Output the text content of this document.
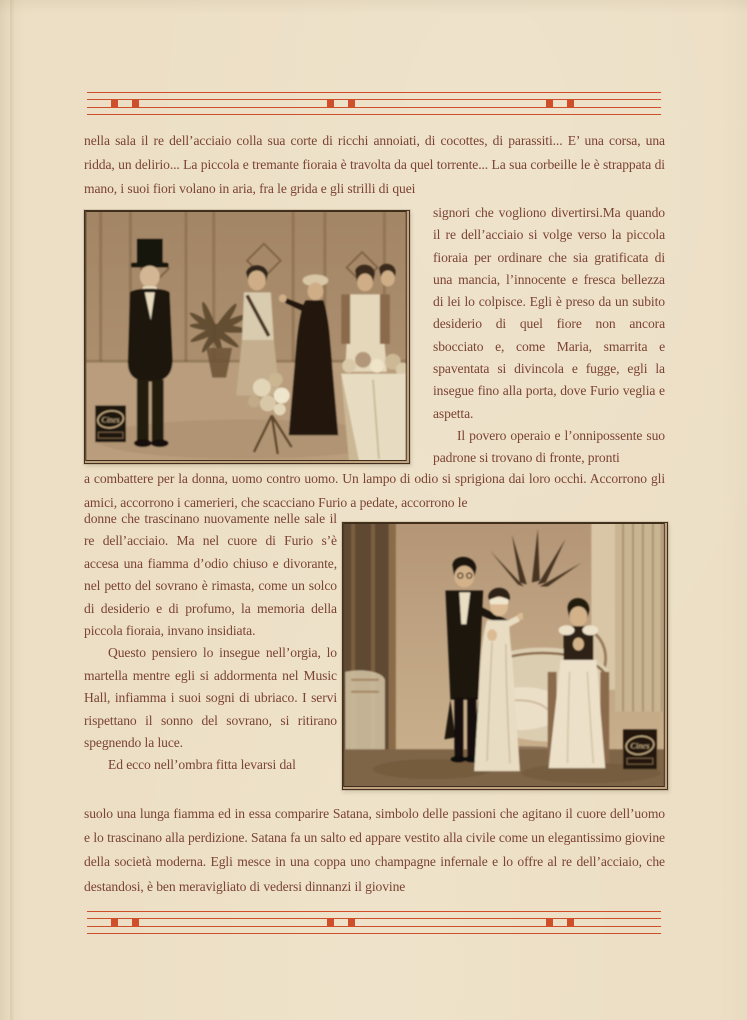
nella sala il re dell’acciaio colla sua corte di ricchi annoiati, di cocottes, di parassiti... E’ una corsa, una ridda, un delirio... La piccola e tremante fioraia è travolta da quel torrente... La sua corbeille le è strappata di mano, i suoi fiori volano in aria, fra le grida e gli strilli di quei

Cines

signori che vogliono divertirsi.Ma quando il re dell’acciaio si volge verso la piccola fioraia per ordinare che sia gratificata di una mancia, l’innocente e fresca bellezza di lei lo colpisce. Egli è preso da un subito desiderio di quel fiore non ancora sbocciato e, come Maria, smarrita e spaventata si divincola e fugge, egli la insegue fino alla porta, dove Furio veglia e aspetta.

Il povero operaio e l’onnipossente suo padrone si trovano di fronte, pronti

a combattere per la donna, uomo contro uomo. Un lampo di odio si sprigiona dai loro occhi. Accorrono gli amici, accorrono i camerieri, che scacciano Furio a pedate, accorrono le

donne che trascinano nuovamente nelle sale il re dell’acciaio. Ma nel cuore di Furio s’è accesa una fiamma d’odio chiuso e divorante, nel petto del sovrano è rimasta, come un solco di desiderio e di profumo, la memoria della piccola fioraia, invano insidiata.

Questo pensiero lo insegue nell’orgia, lo martella mentre egli si addormenta nel Music Hall, infiamma i suoi sogni di ubriaco. I servi rispettano il sonno del sovrano, si ritirano spegnendo la luce.

Ed ecco nell’ombra fitta levarsi dal

Cines

suolo una lunga fiamma ed in essa comparire Satana, simbolo delle passioni che agitano il cuore dell’uomo e lo trascinano alla perdizione. Satana fa un salto ed appare vestito alla civile come un elegantissimo giovine della società moderna. Egli mesce in una coppa uno champagne infernale e lo offre al re dell’acciaio, che destandosi, è ben meravigliato di vedersi dinnanzi il giovine
